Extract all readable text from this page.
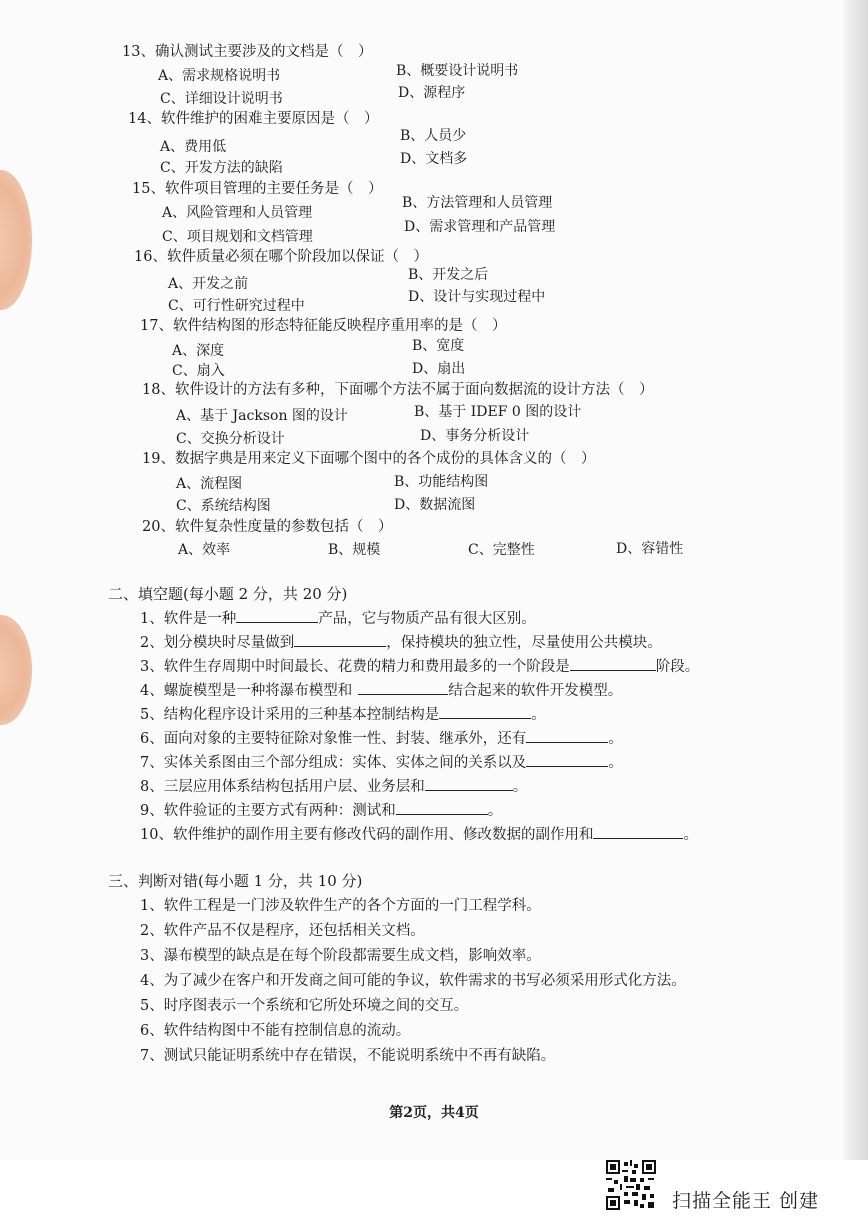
13、确认测试主要涉及的文档是（　）
A、需求规格说明书	B、概要设计说明书
C、详细设计说明书	D、源程序
14、软件维护的困难主要原因是（　）
A、费用低
B、人员少
C、开发方法的缺陷
D、文档多
15、软件项目管理的主要任务是（　）
A、风险管理和人员管理
B、方法管理和人员管理
C、项目规划和文档管理
D、需求管理和产品管理
16、软件质量必须在哪个阶段加以保证（　）
A、开发之前
B、开发之后
C、可行性研究过程中
D、设计与实现过程中
17、软件结构图的形态特征能反映程序重用率的是（　）
A、深度	B、宽度
C、扇入	D、扇出
18、软件设计的方法有多种，下面哪个方法不属于面向数据流的设计方法（　）
A、基于 Jackson 图的设计	B、基于 IDEF 0 图的设计
C、交换分析设计	D、事务分析设计
19、数据字典是用来定义下面哪个图中的各个成份的具体含义的（　）
A、流程图	B、功能结构图
C、系统结构图	D、数据流图
20、软件复杂性度量的参数包括（　）
A、效率	B、规模	C、完整性	D、容错性
二、填空题(每小题 2 分，共 20 分)
1、软件是一种	产品，它与物质产品有很大区别。
2、划分模块时尽量做到	，保持模块的独立性，尽量使用公共模块。
3、软件生存周期中时间最长、花费的精力和费用最多的一个阶段是	阶段。
4、螺旋模型是一种将瀑布模型和	结合起来的软件开发模型。
5、结构化程序设计采用的三种基本控制结构是	。
6、面向对象的主要特征除对象惟一性、封装、继承外，还有	。
7、实体关系图由三个部分组成：实体、实体之间的关系以及	。
8、三层应用体系结构包括用户层、业务层和	。
9、软件验证的主要方式有两种：测试和	。
10、软件维护的副作用主要有修改代码的副作用、修改数据的副作用和	。
三、判断对错(每小题 1 分，共 10 分)
1、软件工程是一门涉及软件生产的各个方面的一门工程学科。
2、软件产品不仅是程序，还包括相关文档。
3、瀑布模型的缺点是在每个阶段都需要生成文档，影响效率。
4、为了减少在客户和开发商之间可能的争议，软件需求的书写必须采用形式化方法。
5、时序图表示一个系统和它所处环境之间的交互。
6、软件结构图中不能有控制信息的流动。
7、测试只能证明系统中存在错误，不能说明系统中不再有缺陷。
第2页，共4页
扫描全能王 创建
